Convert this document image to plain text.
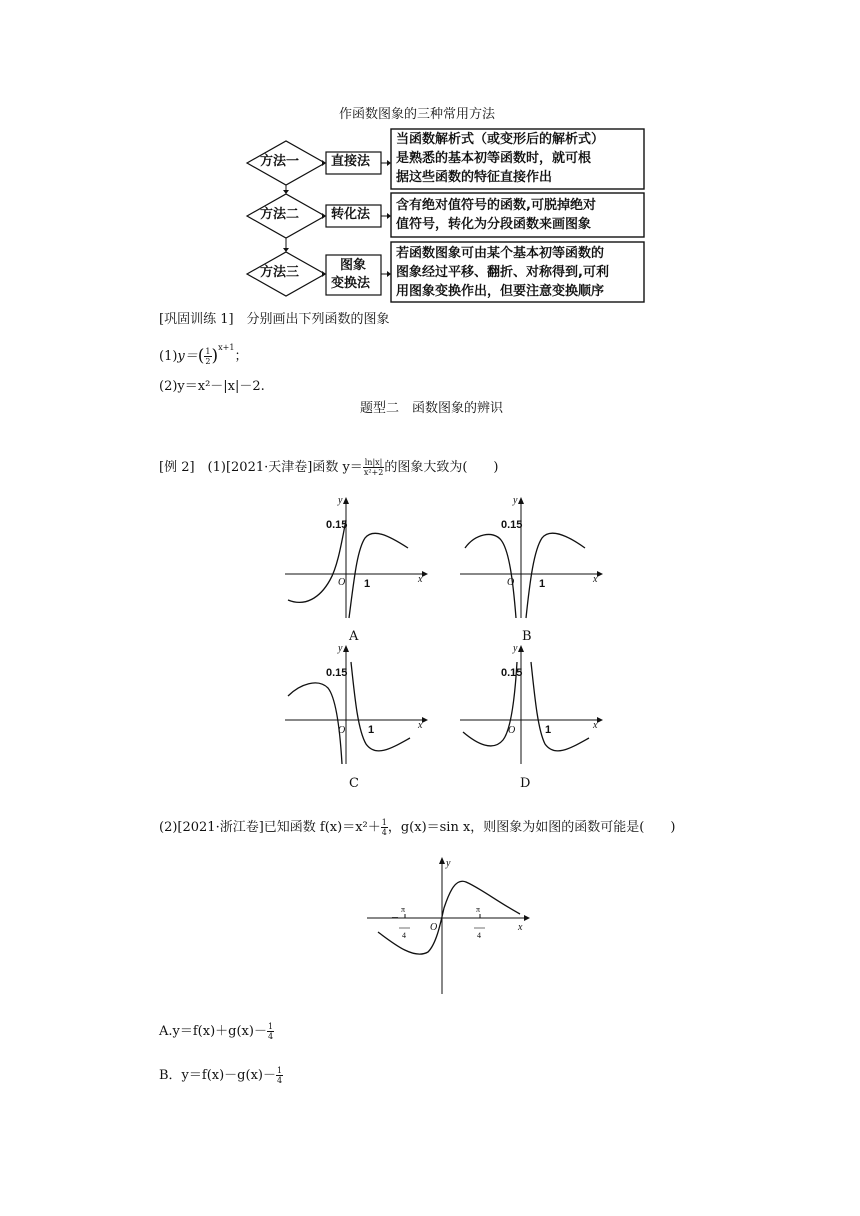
作函数图象的三种常用方法
方法一
方法二
方法三
直接法
转化法
图象
变换法
当函数解析式（或变形后的解析式）
是熟悉的基本初等函数时，就可根
据这些函数的特征直接作出
含有绝对值符号的函数,可脱掉绝对
值符号，转化为分段函数来画图象
若函数图象可由某个基本初等函数的
图象经过平移、翻折、对称得到,可利
用图象变换作出，但要注意变换顺序
[巩固训练 1]　分别画出下列函数的图象
$(1)y=( \frac{1}{2} )^{x+1}$；
(2)y＝x²－|x|－2.
题型二　函数图象的辨识
[例 2]　(1)[2021·天津卷]函数 $y= \frac{\ln|x|}{\text{x²+2}}$ 的图象大致为(　　)
0.15
y
x
O 1
A
0.15
y
x
O 1
B
0.15
y
x
O 1
C
0.15
y
x
O	1
D
(2)[2021·浙江卷]已知函数 $f(x)=x^2+ \frac{1}{4}$ ，g(x)＝sin x，则图象为如图的函数可能是(　　)
y
x
O
－
π
4
π
4
$A.y=f(x)+g(x)- \frac{1}{4}$
B．$y=f(x)-g(x)- \frac{1}{4}$
